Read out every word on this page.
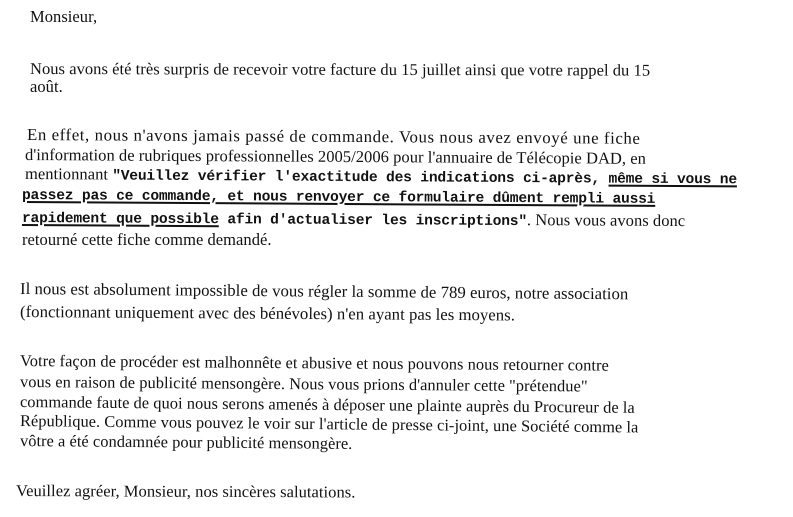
Monsieur,
Nous avons été très surpris de recevoir votre facture du 15 juillet ainsi que votre rappel du 15
août.
En effet, nous n'avons jamais passé de commande. Vous nous avez envoyé une fiche
d'information de rubriques professionnelles 2005/2006 pour l'annuaire de Télécopie DAD, en
mentionnant "Veuillez vérifier l'exactitude des indications ci-après, même si vous ne
passez pas ce commande, et nous renvoyer ce formulaire dûment rempli aussi
rapidement que possible afin d'actualiser les inscriptions". Nous vous avons donc
retourné cette fiche comme demandé.
Il nous est absolument impossible de vous régler la somme de 789 euros, notre association
(fonctionnant uniquement avec des bénévoles) n'en ayant pas les moyens.
Votre façon de procéder est malhonnête et abusive et nous pouvons nous retourner contre
vous en raison de publicité mensongère. Nous vous prions d'annuler cette "prétendue"
commande faute de quoi nous serons amenés à déposer une plainte auprès du Procureur de la
République. Comme vous pouvez le voir sur l'article de presse ci-joint, une Société comme la
vôtre a été condamnée pour publicité mensongère.
Veuillez agréer, Monsieur, nos sincères salutations.
